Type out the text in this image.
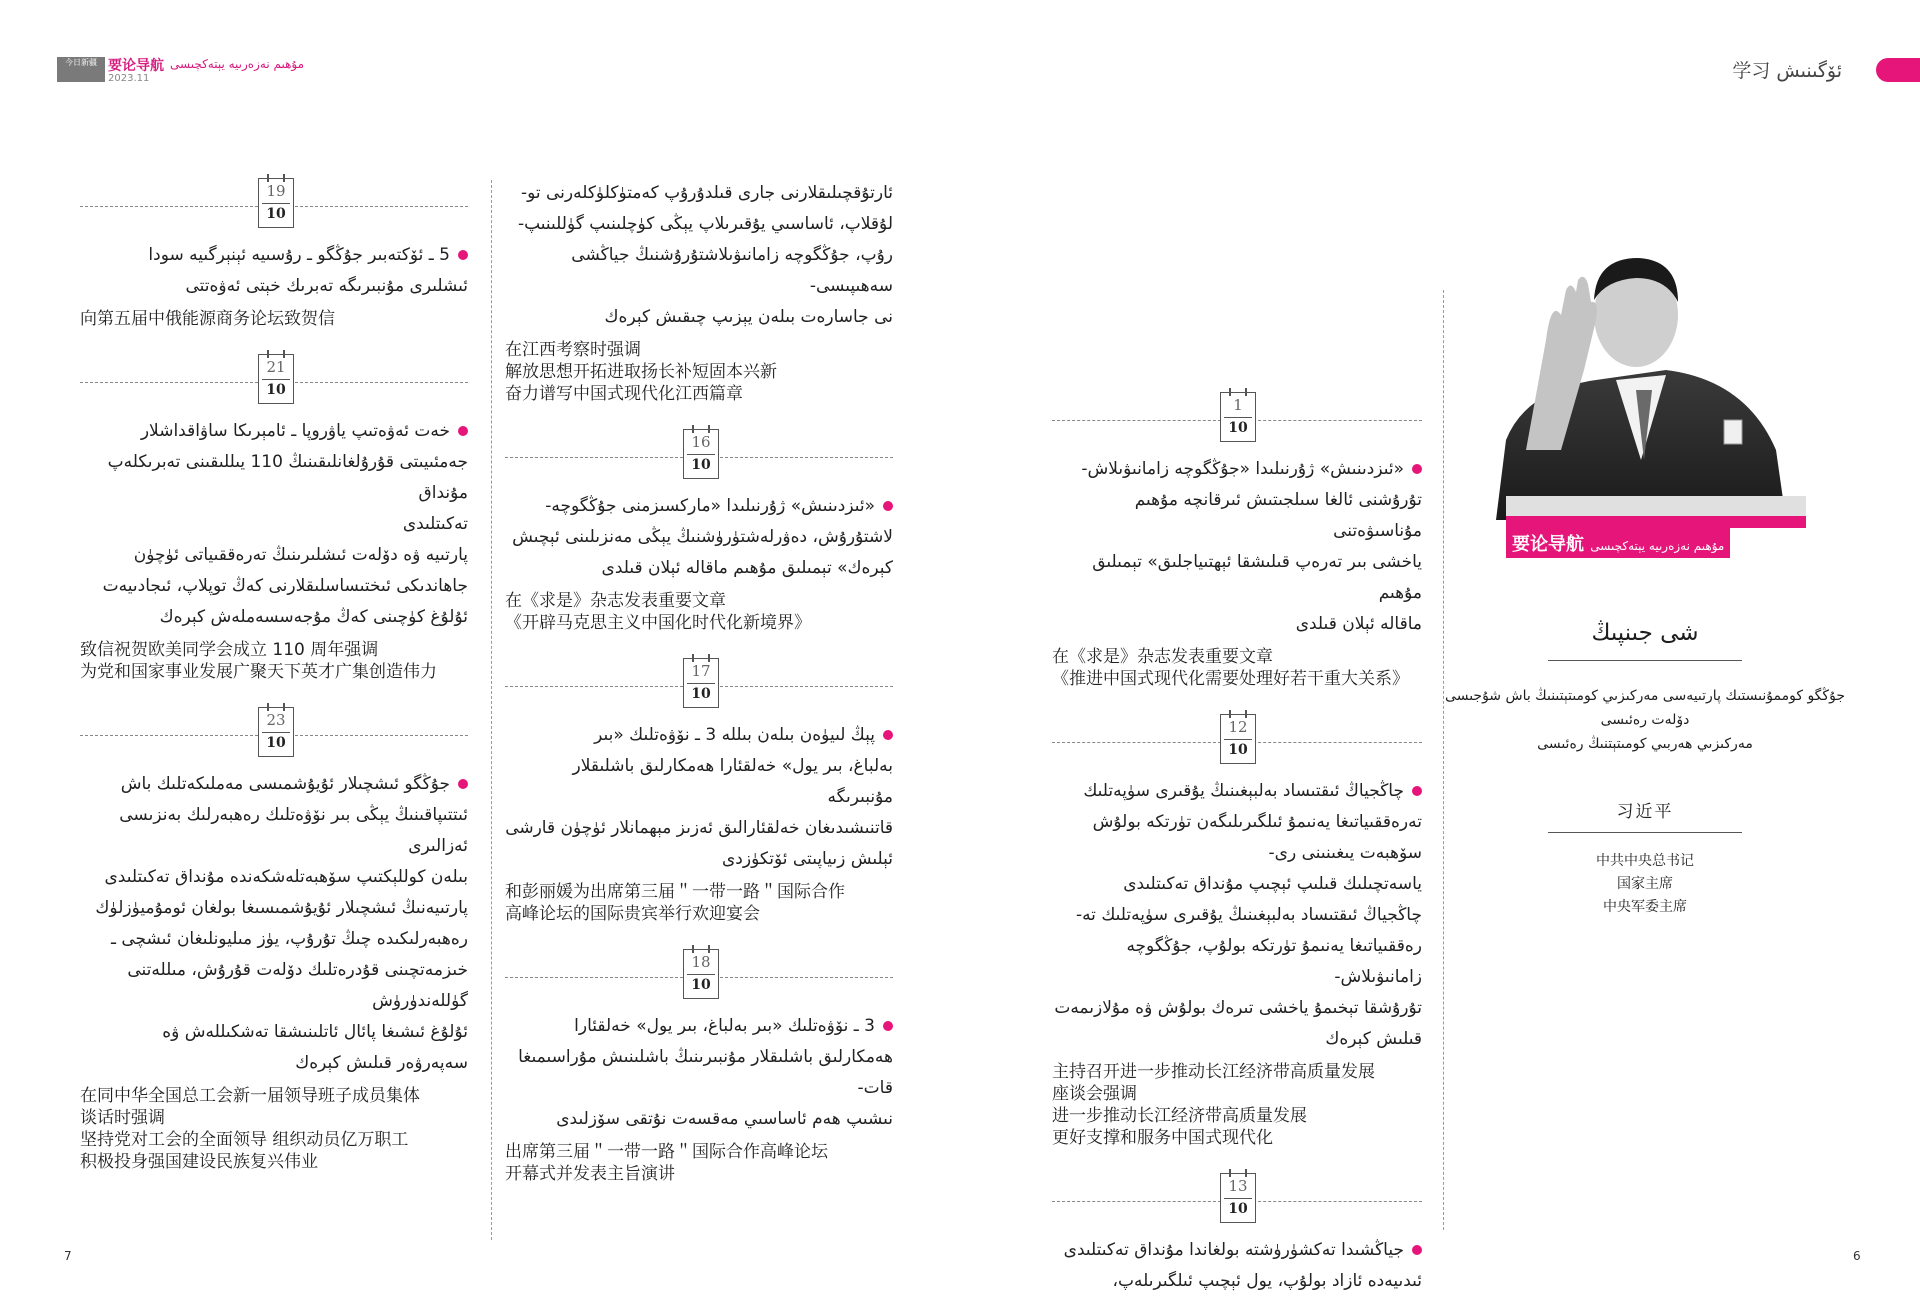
今日新疆 要论导航 مۇھىم نەزەرىيە يېتەكچىسى
2023.11	学习 ئۆگىنىش
7	6
19
10

5 ـ ئۆكتەبىر جۇڭگو ـ رۇسىيە ئېنېرگىيە سودا

ئىشلىرى مۇنبىرىگە تەبرىك خېتى ئەۋەتتى

向第五届中俄能源商务论坛致贺信
21
10

خەت ئەۋەتىپ ياۋروپا ـ ئامېرىكا ساۋاقداشلار

جەمئىيىتى قۇرۇلغانلىقىنىڭ 110 يىللىقىنى تەبرىكلەپ مۇنداق

تەكىتلىدى

پارتىيە ۋە دۆلەت ئىشلىرىنىڭ تەرەققىياتى ئۈچۈن

جاھاندىكى ئىختىساسلىقلارنى كەڭ توپلاپ، ئىجادىيەت

ئۇلۇغ كۈچىنى كەڭ مۇجەسسەملەش كېرەك

致信祝贺欧美同学会成立 110 周年强调
为党和国家事业发展广聚天下英才广集创造伟力
23
10

جۇڭگو ئىشچىلار ئۇيۇشمىسى مەملىكەتلىك باش

ئىتتىپاقىنىڭ يېڭى بىر نۆۋەتلىك رەھبەرلىك بەنزىسى ئەزالىرى

بىلەن كوللېكتىپ سۆھبەتلەشكەندە مۇنداق تەكىتلىدى

پارتىيەنىڭ ئىشچىلار ئۇيۇشمىسىغا بولغان ئومۇميۈزلۈك

رەھبەرلىكىدە چىڭ تۇرۇپ، يۈز مىليونلىغان ئىشچى ـ

خىزمەتچىنى قۇدرەتلىك دۆلەت قۇرۇش، مىللەتنى گۈللەندۈرۈش

ئۇلۇغ ئىشىغا پائال ئاتلىنىشقا تەشكىللەش ۋە

سەپەرۋەر قىلىش كېرەك

在同中华全国总工会新一届领导班子成员集体
谈话时强调
坚持党对工会的全面领导 组织动员亿万职工
积极投身强国建设民族复兴伟业

ئارتۇقچىلىقلارنى جارى قىلدۇرۇپ كەمتۈكلۈكلەرنى تو-

لۇقلاپ، ئاساسىي يۇقىرىلاپ يېڭى كۈچلىنىپ گۈللىنىپ-

رۇپ، جۇڭگوچە زامانىۋىلاشتۇرۇشنىڭ جياڭشى سەھىپىسى-

نى جاسارەت بىلەن يېزىپ چىقىش كېرەك

在江西考察时强调
解放思想开拓进取扬长补短固本兴新
奋力谱写中国式现代化江西篇章
16
10

«ئىزدىنىش» ژۇرنىلىدا «ماركسىزمنى جۇڭگوچە-

لاشتۇرۇش، دەۋرلەشتۈرۈشنىڭ يېڭى مەنزىلىنى ئېچىش

كېرەك» تېمىلىق مۇھىم ماقالە ئېلان قىلدى

在《求是》杂志发表重要文章
《开辟马克思主义中国化时代化新境界》
17
10

پېڭ لىيۈەن بىلەن بىللە 3 ـ نۆۋەتلىك «بىر

بەلباغ، بىر يول» خەلقئارا ھەمكارلىق باشلىقلار مۇنبىرىگە

قاتنىشىدىغان خەلقئارالىق ئەزىز مېھمانلار ئۈچۈن قارشى

ئېلىش زىياپىتى ئۆتكۈزدى

和彭丽媛为出席第三届＂一带一路＂国际合作
高峰论坛的国际贵宾举行欢迎宴会
18
10

3 ـ نۆۋەتلىك «بىر بەلباغ، بىر يول» خەلقئارا

ھەمكارلىق باشلىقلار مۇنبىرىنىڭ باشلىنىش مۇراسىمىغا قات-

نىشىپ ھەم ئاساسىي مەقسەت نۇتقى سۆزلىدى

出席第三届＂一带一路＂国际合作高峰论坛
开幕式并发表主旨演讲
1
10

«ئىزدىنىش» ژۇرنىلىدا «جۇڭگوچە زامانىۋىلاش-

تۇرۇشنى ئالغا سىلجىتىش ئىرقانچە مۇھىم مۇناسىۋەتنى

ياخشى بىر تەرەپ قىلىشقا ئېھتىياجلىق» تېمىلىق مۇھىم

ماقالە ئېلان قىلدى

在《求是》杂志发表重要文章
《推进中国式现代化需要处理好若干重大关系》
12
10

چاڭجياڭ ئىقتىساد بەلبېغىنىڭ يۇقىرى سۈپەتلىك

تەرەققىياتىغا يەنىمۇ ئىلگىرىلىگەن تۈرتكە بولۇش سۆھبەت يىغىنىنى رى-

ياسەتچىلىك قىلىپ ئېچىپ مۇنداق تەكىتلىدى

چاڭجياڭ ئىقتىساد بەلبېغىنىڭ يۇقىرى سۈپەتلىك تە-

رەققىياتىغا يەنىمۇ تۈرتكە بولۇپ، جۇڭگوچە زامانىۋىلاش-

تۇرۇشقا تېخىمۇ ياخشى تىرەك بولۇش ۋە مۇلازىمەت

قىلىش كېرەك

主持召开进一步推动长江经济带高质量发展
座谈会强调
进一步推动长江经济带高质量发展
更好支撑和服务中国式现代化
13
10

جياڭشىدا تەكشۈرۈشتە بولغاندا مۇنداق تەكىتلىدى

ئىدىيەدە ئازاد بولۇپ، يول ئېچىپ ئىلگىرىلەپ،

要论导航 مۇھىم نەزەرىيە يېتەكچىسى
شى جىنپىڭ
جۇڭگو كوممۇنىستىك پارتىيەسى مەركىزىي كومىتېتىنىڭ باش شۇجىسى
دۆلەت رەئىسى
مەركىزىي ھەربىي كومىتېتنىڭ رەئىسى
习近平
中共中央总书记
国家主席
中央军委主席
